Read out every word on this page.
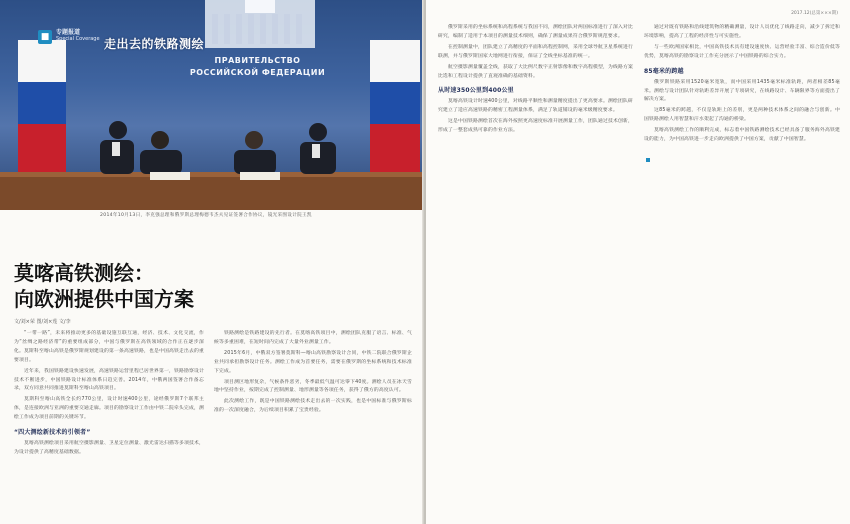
ПРАВИТЕЛЬСТВО
РОССИЙСКОЙ ФЕДЕРАЦИИ
■	专题报道
Special Coverage 走出去的铁路测绘
2014年10月13日，李克强总理和俄罗斯总理梅德韦杰夫见证签署合作协议，镜光采图设计院王凯
莫喀高铁测绘：
向欧洲提供中国方案
文/刘×荣 图/刘×莲 文/李

“一带一路”，未来将推动更多的基础设施互联互通，经济、技术、文化交流，作为“丝绸之路经济带”的重要组成部分，中国与俄罗斯在高铁领域的合作正在逐步深化。莫斯科至喀山高铁是俄罗斯规划建设的第一条高速铁路，也是中国高铁走出去的重要项目。

近年来，我国铁路建设快速发展，高速铁路运营里程已居世界第一，铁路勘察设计技术不断进步，中国铁路设计标准体系日趋完善。2014年，中俄两国签署合作备忘录，双方同意共同推进莫斯科至喀山高铁项目。

莫斯科至喀山高铁全长约770公里，设计时速400公里，途经俄罗斯7个联邦主体，是连接欧洲与亚洲的重要交通走廊。项目的勘察设计工作由中铁二院牵头完成，测绘工作成为项目前期的关键环节。

“四大测绘新技术的引领者”

莫喀高铁测绘项目采用航空摄影测量、卫星定位测量、激光雷达扫描等多项技术，为设计提供了高精度基础数据。

铁路测绘是铁路建设的先行者。在莫喀高铁项目中，测绘团队克服了语言、标准、气候等多重困难，在短时间内完成了大量外业测量工作。

2015年6月，中俄双方签署莫斯科—喀山高铁勘察设计合同，中铁二院联合俄罗斯企业共同承担勘察设计任务。测绘工作成为首要任务，需要在俄罗斯的坐标系统和技术标准下完成。

项目测区地形复杂，气候条件恶劣，冬季最低气温可达零下40度。测绘人员在冰天雪地中坚持作业，按期完成了控制测量、地形测量等各项任务，获得了俄方的高度认可。

此次测绘工作，既是中国铁路测绘技术走出去的一次实践，也是中国标准与俄罗斯标准的一次深度融合，为后续项目积累了宝贵经验。

2017.12(总第×××期)

俄罗斯采用的坐标系统和高程系统与我国不同，测绘团队对两国标准进行了深入对比研究，编制了适用于本项目的测量技术细则，确保了测量成果符合俄罗斯规范要求。

在控制测量中，团队建立了高精度的平面和高程控制网，采用全球导航卫星系统进行联测，并与俄罗斯国家大地网进行衔接，保证了全线坐标基准的统一。

航空摄影测量覆盖全线，获取了大比例尺数字正射影像和数字高程模型，为线路方案比选和工程设计提供了直观准确的基础资料。

从时速350公里到400公里

莫喀高铁设计时速400公里，对线路平顺性和测量精度提出了更高要求。测绘团队研究建立了适应高速铁路的精密工程测量体系，满足了轨道铺设的毫米级精度要求。

这是中国铁路测绘首次在海外按照更高速度标准开展测量工作，团队通过技术创新，形成了一整套成熟可靠的作业方法。

通过对既有铁路和沿线建筑物的精确测量，设计人员优化了线路走向，减少了拆迁和环境影响，提高了工程的经济性与可实施性。

与一些欧洲国家相比，中国高铁技术具有建设速度快、运营经验丰富、综合造价低等优势，莫喀高铁的勘察设计工作充分展示了中国铁路的综合实力。

85毫米的跨越

俄罗斯铁路采用1520毫米宽轨，而中国采用1435毫米标准轨距，两者相差85毫米。测绘与设计团队针对轨距差异开展了专项研究，在线路设计、车辆限界等方面提出了解决方案。

这85毫米的跨越，不仅是轨距上的差别，更是两种技术体系之间的融合与创新。中国铁路测绘人用智慧和汗水架起了沟通的桥梁。

莫喀高铁测绘工作的顺利完成，标志着中国铁路测绘技术已经具备了服务海外高铁建设的能力，为中国高铁进一步走向欧洲提供了中国方案，贡献了中国智慧。
